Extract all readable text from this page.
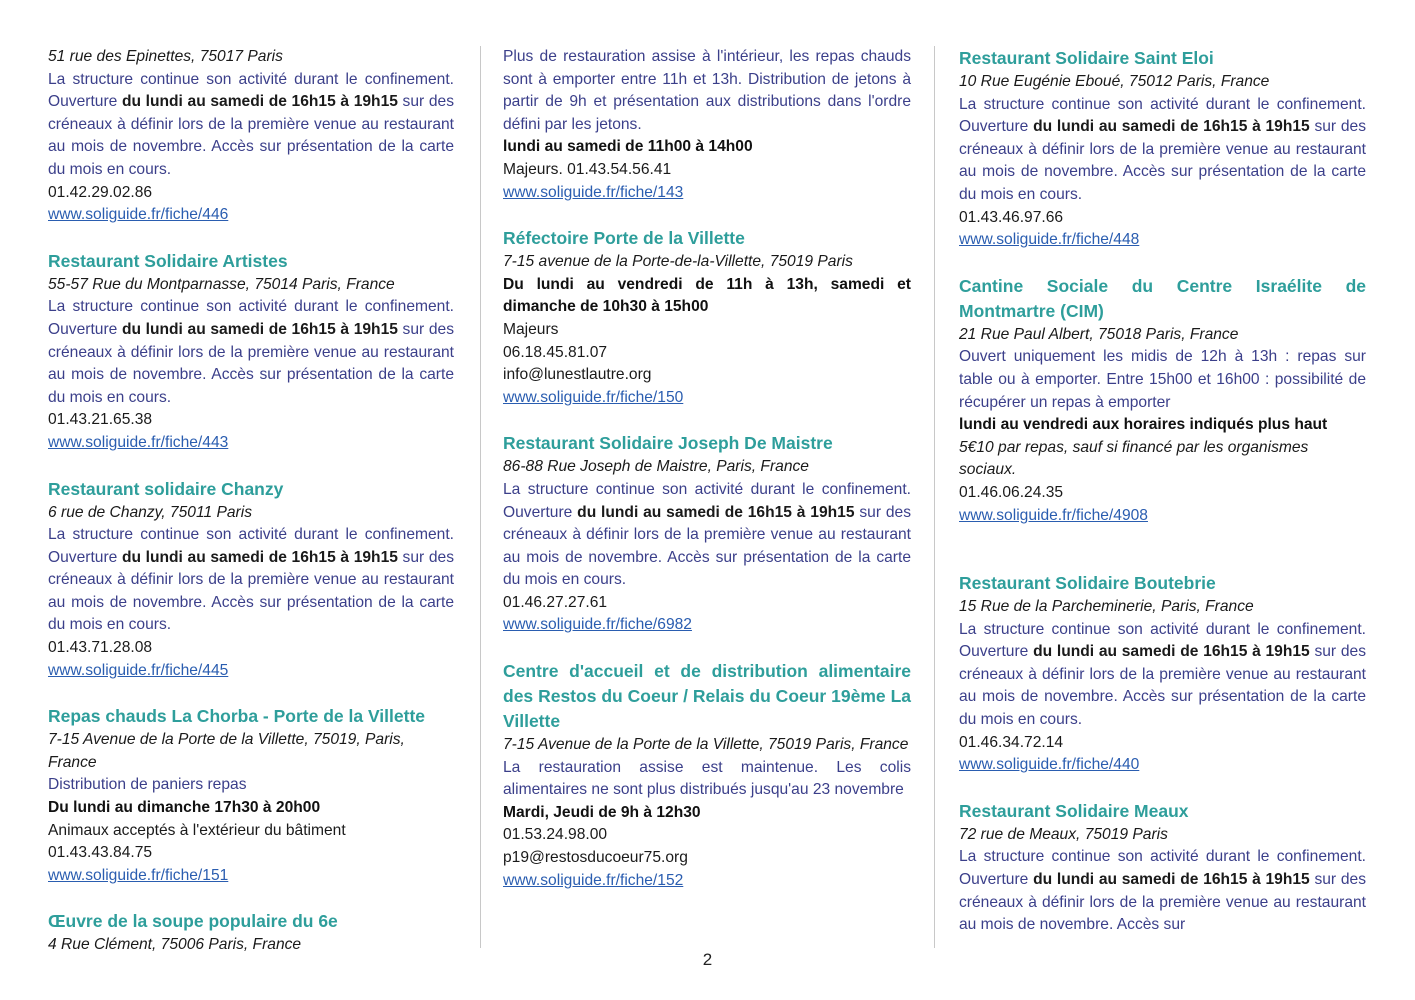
51 rue des Epinettes, 75017 Paris
La structure continue son activité durant le confinement. Ouverture du lundi au samedi de 16h15 à 19h15 sur des créneaux à définir lors de la première venue au restaurant au mois de novembre. Accès sur présentation de la carte du mois en cours.
01.42.29.02.86
www.soliguide.fr/fiche/446
Restaurant Solidaire Artistes
55-57 Rue du Montparnasse, 75014 Paris, France
La structure continue son activité durant le confinement. Ouverture du lundi au samedi de 16h15 à 19h15 sur des créneaux à définir lors de la première venue au restaurant au mois de novembre. Accès sur présentation de la carte du mois en cours.
01.43.21.65.38
www.soliguide.fr/fiche/443
Restaurant solidaire Chanzy
6 rue de Chanzy, 75011 Paris
La structure continue son activité durant le confinement. Ouverture du lundi au samedi de 16h15 à 19h15 sur des créneaux à définir lors de la première venue au restaurant au mois de novembre. Accès sur présentation de la carte du mois en cours.
01.43.71.28.08
www.soliguide.fr/fiche/445
Repas chauds La Chorba - Porte de la Villette
7-15 Avenue de la Porte de la Villette, 75019, Paris, France
Distribution de paniers repas
Du lundi au dimanche 17h30 à 20h00
Animaux acceptés à l'extérieur du bâtiment
01.43.43.84.75
www.soliguide.fr/fiche/151
Œuvre de la soupe populaire du 6e
4 Rue Clément, 75006 Paris, France
Plus de restauration assise à l'intérieur, les repas chauds sont à emporter entre 11h et 13h. Distribution de jetons à partir de 9h et présentation aux distributions dans l'ordre défini par les jetons.
lundi au samedi de 11h00 à 14h00
Majeurs. 01.43.54.56.41
www.soliguide.fr/fiche/143
Réfectoire Porte de la Villette
7-15 avenue de la Porte-de-la-Villette, 75019 Paris
Du lundi au vendredi de 11h à 13h, samedi et dimanche de 10h30 à 15h00
Majeurs
06.18.45.81.07
info@lunestlautre.org
www.soliguide.fr/fiche/150
Restaurant Solidaire Joseph De Maistre
86-88 Rue Joseph de Maistre, Paris, France
La structure continue son activité durant le confinement. Ouverture du lundi au samedi de 16h15 à 19h15 sur des créneaux à définir lors de la première venue au restaurant au mois de novembre. Accès sur présentation de la carte du mois en cours.
01.46.27.27.61
www.soliguide.fr/fiche/6982
Centre d'accueil et de distribution alimentaire des Restos du Coeur / Relais du Coeur 19ème La Villette
7-15 Avenue de la Porte de la Villette, 75019 Paris, France
La restauration assise est maintenue. Les colis alimentaires ne sont plus distribués jusqu'au 23 novembre
Mardi, Jeudi de 9h à 12h30
01.53.24.98.00
p19@restosducoeur75.org
www.soliguide.fr/fiche/152
Restaurant Solidaire Saint Eloi
10 Rue Eugénie Eboué, 75012 Paris, France
La structure continue son activité durant le confinement. Ouverture du lundi au samedi de 16h15 à 19h15 sur des créneaux à définir lors de la première venue au restaurant au mois de novembre. Accès sur présentation de la carte du mois en cours.
01.43.46.97.66
www.soliguide.fr/fiche/448
Cantine Sociale du Centre Israélite de Montmartre (CIM)
21 Rue Paul Albert, 75018 Paris, France
Ouvert uniquement les midis de 12h à 13h : repas sur table ou à emporter. Entre 15h00 et 16h00 : possibilité de récupérer un repas à emporter
lundi au vendredi aux horaires indiqués plus haut
5€10 par repas, sauf si financé par les organismes sociaux.
01.46.06.24.35
www.soliguide.fr/fiche/4908
Restaurant Solidaire Boutebrie
15 Rue de la Parcheminerie, Paris, France
La structure continue son activité durant le confinement. Ouverture du lundi au samedi de 16h15 à 19h15 sur des créneaux à définir lors de la première venue au restaurant au mois de novembre. Accès sur présentation de la carte du mois en cours.
01.46.34.72.14
www.soliguide.fr/fiche/440
Restaurant Solidaire Meaux
72 rue de Meaux, 75019 Paris
La structure continue son activité durant le confinement. Ouverture du lundi au samedi de 16h15 à 19h15 sur des créneaux à définir lors de la première venue au restaurant au mois de novembre. Accès sur
2
